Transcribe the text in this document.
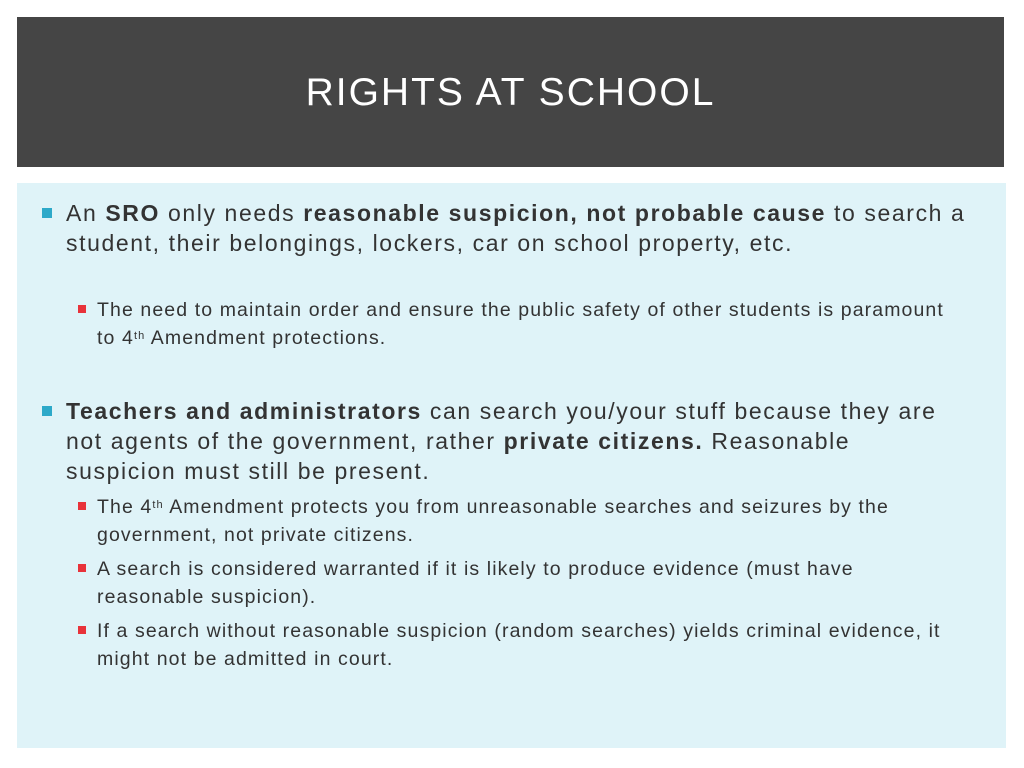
RIGHTS AT SCHOOL
An SRO only needs reasonable suspicion, not probable cause to search a student, their belongings, lockers, car on school property, etc.
The need to maintain order and ensure the public safety of other students is paramount to 4th Amendment protections.
Teachers and administrators can search you/your stuff because they are not agents of the government, rather private citizens. Reasonable suspicion must still be present.
The 4th Amendment protects you from unreasonable searches and seizures by the government, not private citizens.
A search is considered warranted if it is likely to produce evidence (must have reasonable suspicion).
If a search without reasonable suspicion (random searches) yields criminal evidence, it might not be admitted in court.
